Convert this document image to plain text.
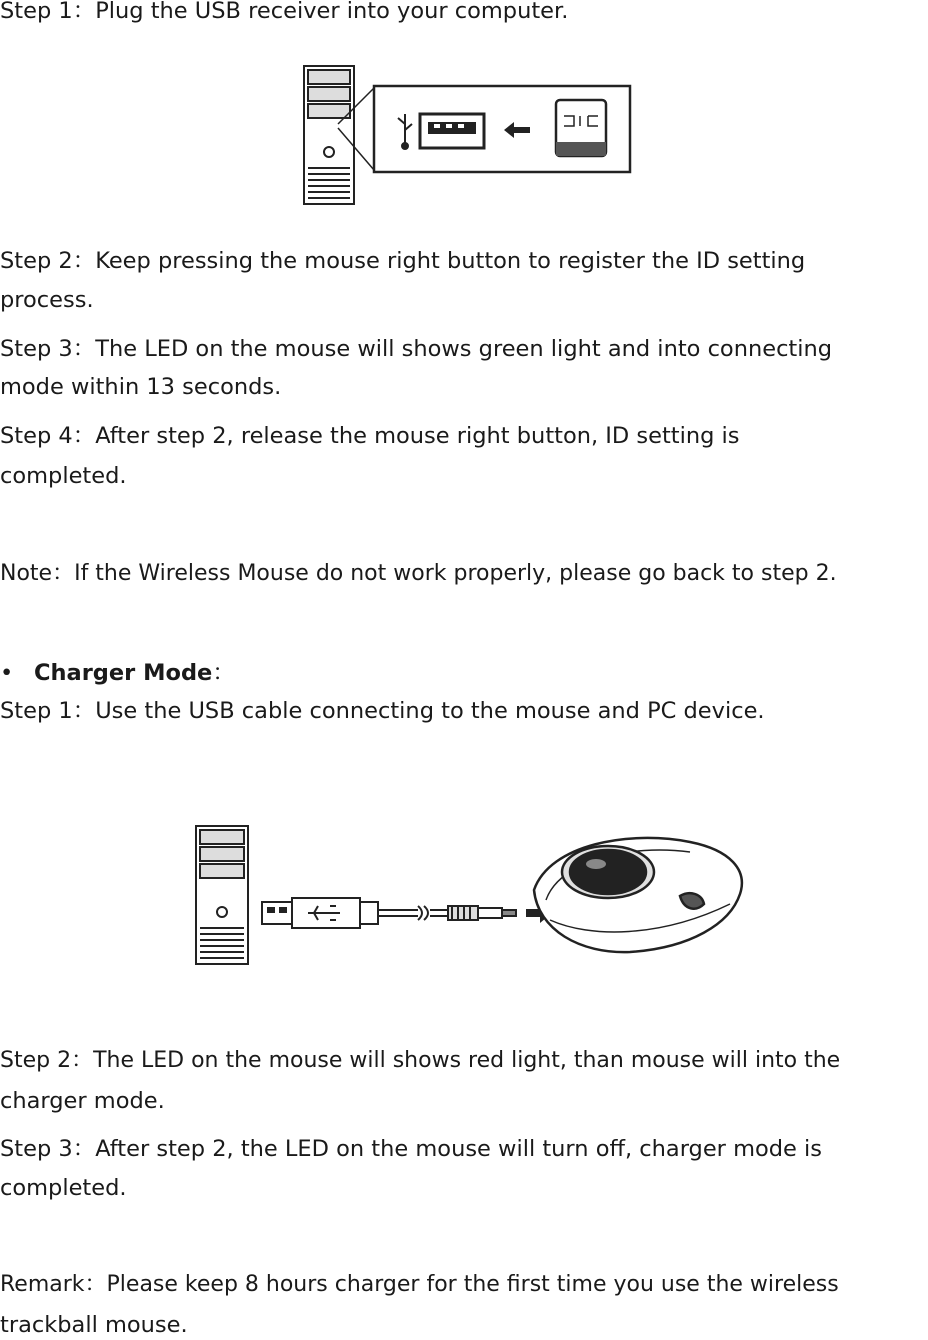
Step 1：Plug the USB receiver into your computer.
Step 2：Keep pressing the mouse right button to register the ID setting
process.
Step 3：The LED on the mouse will shows green light and into connecting
mode within 13 seconds.
Step 4：After step 2, release the mouse right button, ID setting is
completed.
Note：If the Wireless Mouse do not work properly, please go back to step 2.
• Charger Mode：
Step 1：Use the USB cable connecting to the mouse and PC device.
Step 2：The LED on the mouse will shows red light, than mouse will into the
charger mode.
Step 3：After step 2, the LED on the mouse will turn off, charger mode is
completed.
Remark：Please keep 8 hours charger for the first time you use the wireless
trackball mouse.
